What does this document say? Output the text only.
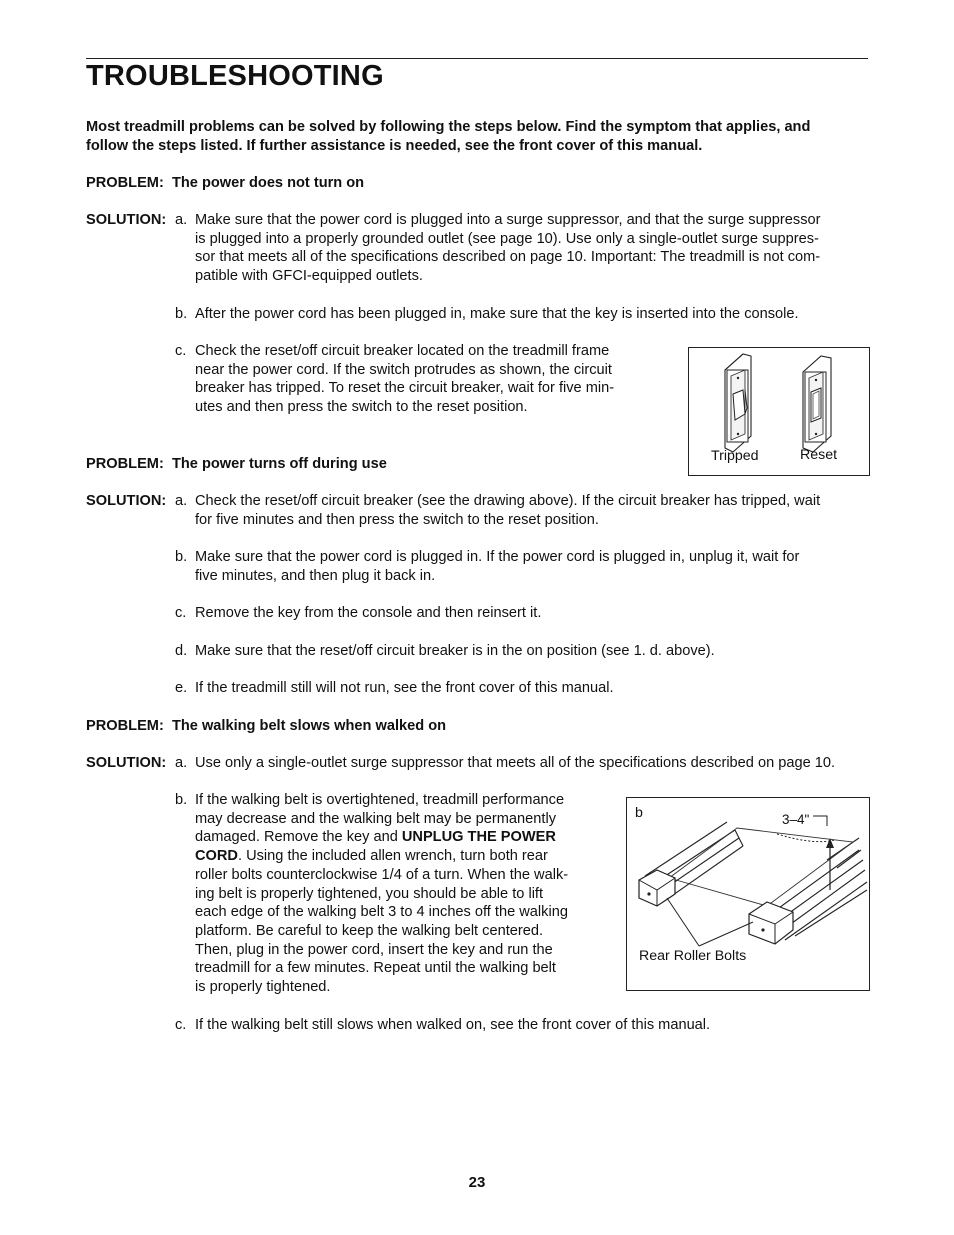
TROUBLESHOOTING
Most treadmill problems can be solved by following the steps below. Find the symptom that applies, and
follow the steps listed. If further assistance is needed, see the front cover of this manual.
PROBLEM: The power does not turn on
SOLUTION: a. Make sure that the power cord is plugged into a surge suppressor, and that the surge suppressor
is plugged into a properly grounded outlet (see page 10). Use only a single-outlet surge suppres-
sor that meets all of the specifications described on page 10. Important: The treadmill is not com-
patible with GFCI-equipped outlets.
b. After the power cord has been plugged in, make sure that the key is inserted into the console.
c. Check the reset/off circuit breaker located on the treadmill frame
near the power cord. If the switch protrudes as shown, the circuit
breaker has tripped. To reset the circuit breaker, wait for five min-
utes and then press the switch to the reset position.
Tripped	Reset
PROBLEM: The power turns off during use
SOLUTION: a. Check the reset/off circuit breaker (see the drawing above). If the circuit breaker has tripped, wait
for five minutes and then press the switch to the reset position.
b. Make sure that the power cord is plugged in. If the power cord is plugged in, unplug it, wait for
five minutes, and then plug it back in.
c. Remove the key from the console and then reinsert it.
d. Make sure that the reset/off circuit breaker is in the on position (see 1. d. above).
e. If the treadmill still will not run, see the front cover of this manual.
PROBLEM: The walking belt slows when walked on
SOLUTION: a. Use only a single-outlet surge suppressor that meets all of the specifications described on page 10.
b. If the walking belt is overtightened, treadmill performance
may decrease and the walking belt may be permanently
damaged. Remove the key and UNPLUG THE POWER
CORD. Using the included allen wrench, turn both rear
roller bolts counterclockwise 1/4 of a turn. When the walk-
ing belt is properly tightened, you should be able to lift
each edge of the walking belt 3 to 4 inches off the walking
platform. Be careful to keep the walking belt centered.
Then, plug in the power cord, insert the key and run the
treadmill for a few minutes. Repeat until the walking belt
is properly tightened.
b	3–4"
Rear Roller Bolts
c. If the walking belt still slows when walked on, see the front cover of this manual.
23
